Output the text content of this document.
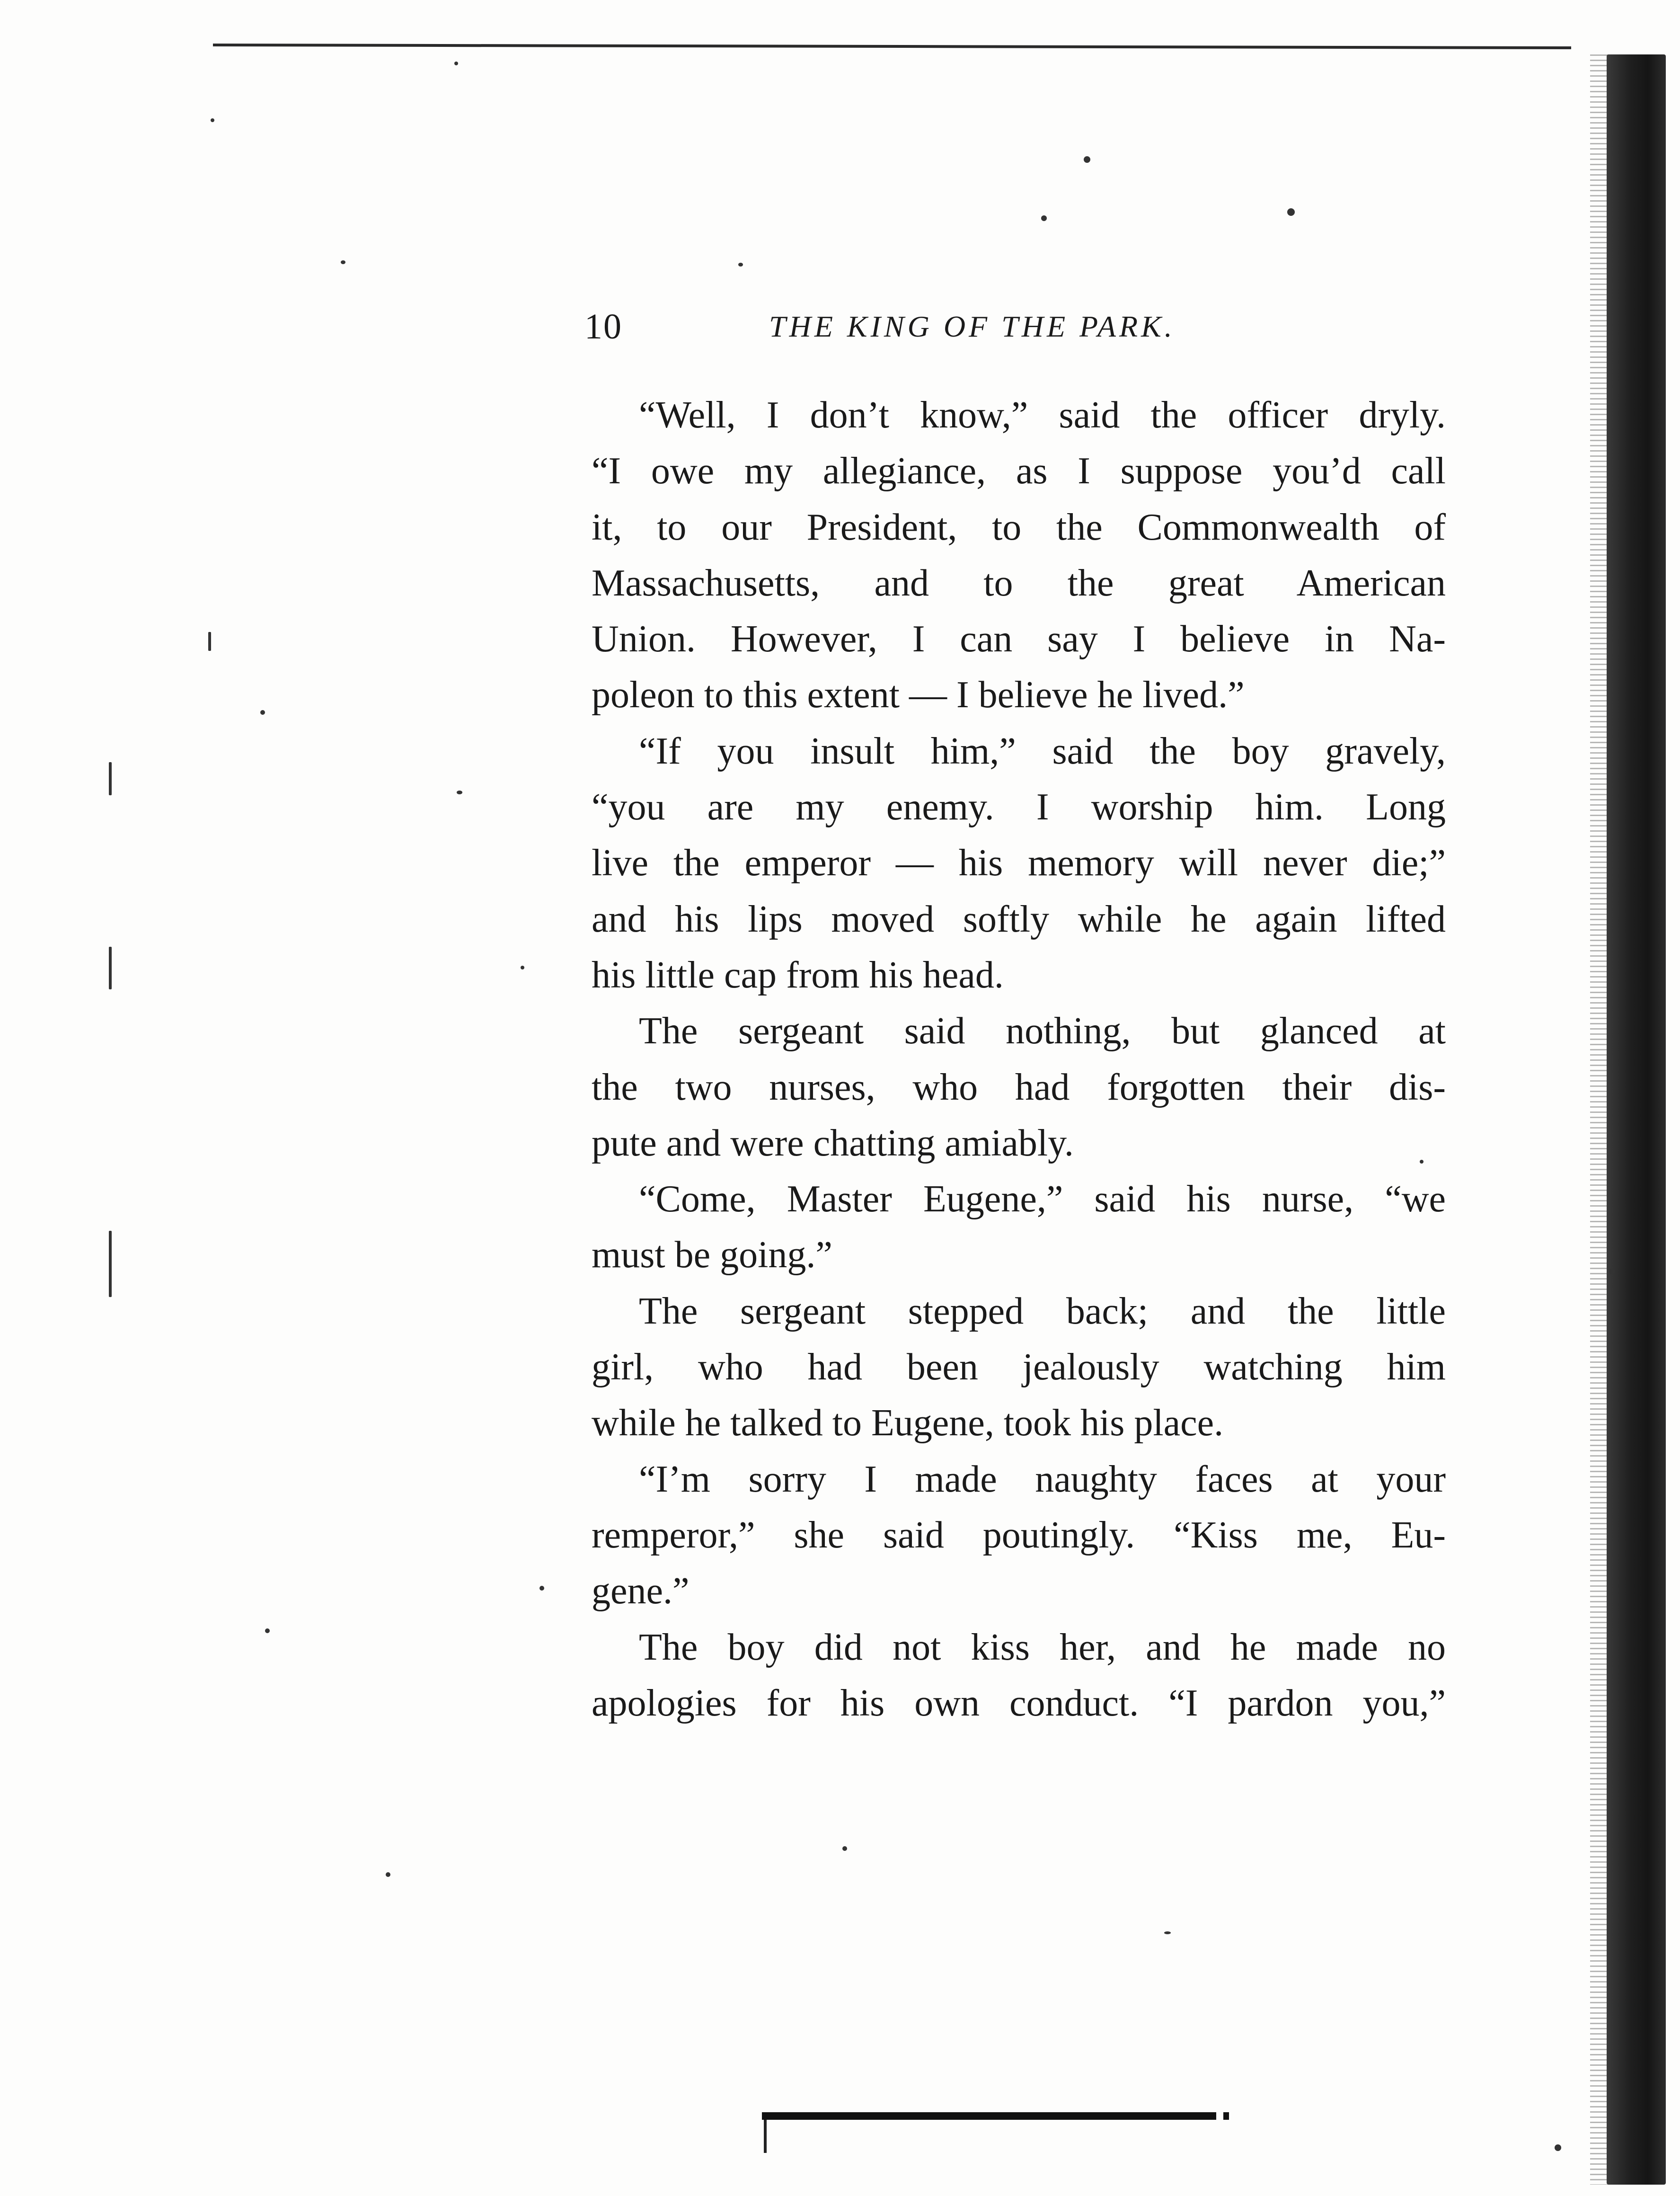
10	THE KING OF THE PARK.
“Well, I don’t know,” said the officer dryly.
“I owe my allegiance, as I suppose you’d call
it, to our President, to the Commonwealth of
Massachusetts, and to the great American
Union. However, I can say I believe in Na-
poleon to this extent — I believe he lived.”
“If you insult him,” said the boy gravely,
“you are my enemy. I worship him. Long
live the emperor — his memory will never die;”
and his lips moved softly while he again lifted
his little cap from his head.
The sergeant said nothing, but glanced at
the two nurses, who had forgotten their dis-
pute and were chatting amiably.
“Come, Master Eugene,” said his nurse, “we
must be going.”
The sergeant stepped back; and the little
girl, who had been jealously watching him
while he talked to Eugene, took his place.
“I’m sorry I made naughty faces at your
remperor,” she said poutingly. “Kiss me, Eu-
gene.”
The boy did not kiss her, and he made no
apologies for his own conduct. “I pardon you,”
